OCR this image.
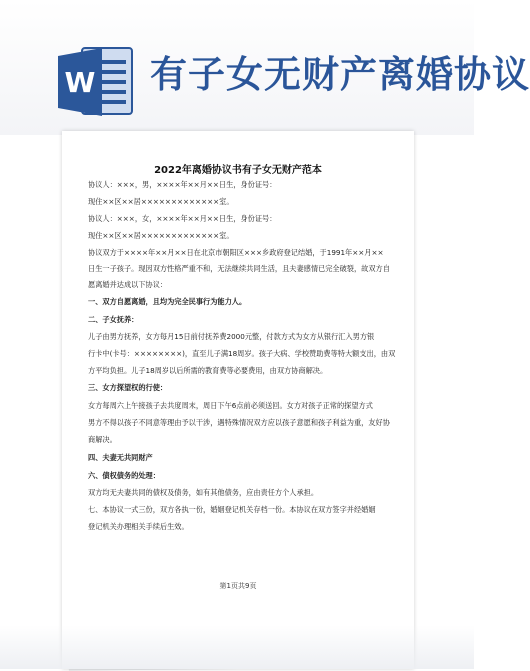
W 有子女无财产离婚协议
2022年离婚协议书有子女无财产范本
协议人：×××，男，××××年××月××日生，身份证号：
现住××区××居×××××××××××××室。
协议人：×××，女，××××年××月××日生，身份证号：
现住××区××居×××××××××××××室。
协议双方于××××年××月××日在北京市朝阳区×××乡政府登记结婚，于1991年××月××
日生一子孩子。现因双方性格严重不和，无法继续共同生活，且夫妻感情已完全破裂，故双方自
愿离婚并达成以下协议：
一、双方自愿离婚，且均为完全民事行为能力人。
二、子女抚养：
儿子由男方抚养，女方每月15日前付抚养费2000元整，付款方式为女方从银行汇入男方银
行卡中(卡号：××××××××)，直至儿子满18周岁。孩子大病、学校赞助费等特大额支出，由双
方平均负担。儿子18周岁以后所需的教育费等必要费用，由双方协商解决。
三、女方探望权的行使：
女方每周六上午接孩子去共度周末，周日下午6点前必须送回。女方对孩子正常的探望方式
男方不得以孩子不同意等理由予以干涉，遇特殊情况双方应以孩子意愿和孩子利益为重，友好协
商解决。
四、夫妻无共同财产
六、债权债务的处理：
双方均无夫妻共同的债权及债务，如有其他债务，应由责任方个人承担。
七、本协议一式三份，双方各执一份，婚姻登记机关存档一份。本协议在双方签字并经婚姻
登记机关办理相关手续后生效。
第1页共9页
